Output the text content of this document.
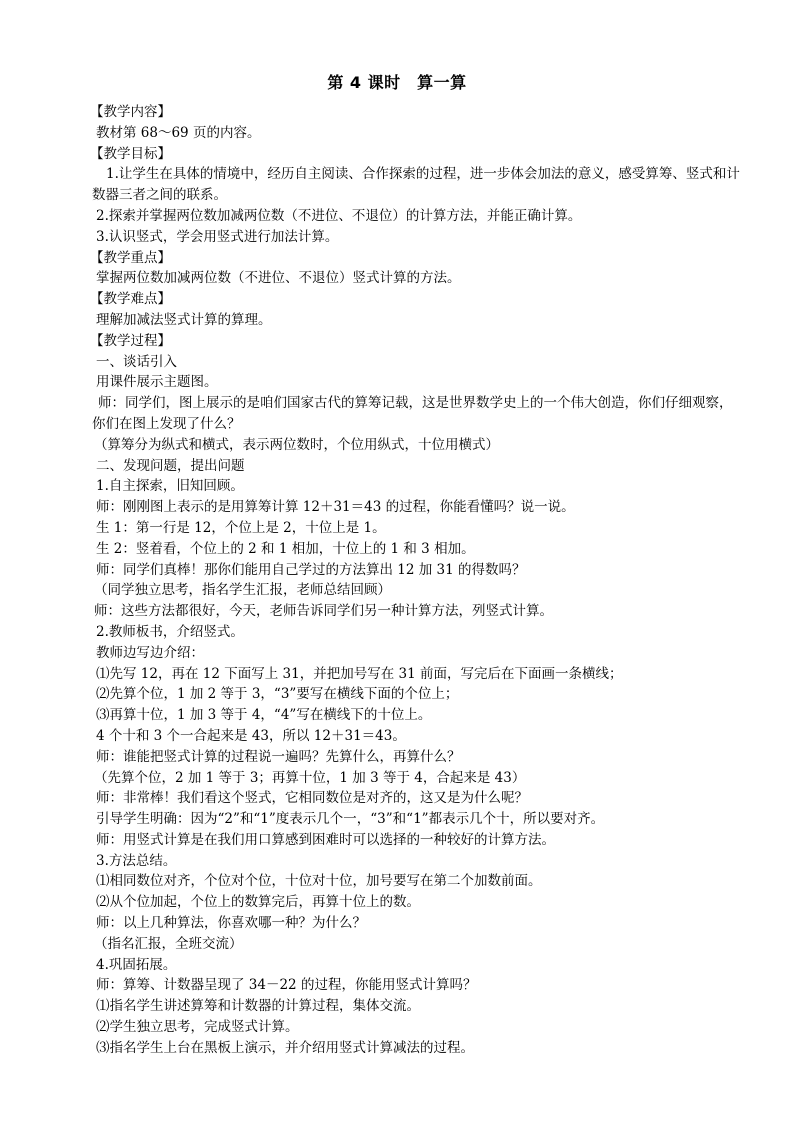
第 4 课时　算一算

【教学内容】

教材第 68～69 页的内容。

【教学目标】

1.让学生在具体的情境中，经历自主阅读、合作探索的过程，进一步体会加法的意义，感受算筹、竖式和计数器三者之间的联系。

2.探索并掌握两位数加减两位数（不进位、不退位）的计算方法，并能正确计算。

3.认识竖式，学会用竖式进行加法计算。

【教学重点】

掌握两位数加减两位数（不进位、不退位）竖式计算的方法。

【教学难点】

理解加减法竖式计算的算理。

【教学过程】

一、谈话引入

用课件展示主题图。

师：同学们，图上展示的是咱们国家古代的算筹记载，这是世界数学史上的一个伟大创造，你们仔细观察，你们在图上发现了什么？

（算筹分为纵式和横式，表示两位数时，个位用纵式，十位用横式）

二、发现问题，提出问题

1.自主探索，旧知回顾。

师：刚刚图上表示的是用算筹计算 12＋31＝43 的过程，你能看懂吗？说一说。

生 1：第一行是 12，个位上是 2，十位上是 1。

生 2：竖着看，个位上的 2 和 1 相加，十位上的 1 和 3 相加。

师：同学们真棒！那你们能用自己学过的方法算出 12 加 31 的得数吗？

（同学独立思考，指名学生汇报，老师总结回顾）

师：这些方法都很好，今天，老师告诉同学们另一种计算方法，列竖式计算。

2.教师板书，介绍竖式。

教师边写边介绍：

⑴先写 12，再在 12 下面写上 31，并把加号写在 31 前面，写完后在下面画一条横线；

⑵先算个位，1 加 2 等于 3，“3”要写在横线下面的个位上；

⑶再算十位，1 加 3 等于 4，“4”写在横线下的十位上。

4 个十和 3 个一合起来是 43，所以 12＋31＝43。

师：谁能把竖式计算的过程说一遍吗？先算什么，再算什么？

（先算个位，2 加 1 等于 3；再算十位，1 加 3 等于 4，合起来是 43）

师：非常棒！我们看这个竖式，它相同数位是对齐的，这又是为什么呢？

引导学生明确：因为“2”和“1”度表示几个一，“3”和“1”都表示几个十，所以要对齐。

师：用竖式计算是在我们用口算感到困难时可以选择的一种较好的计算方法。

3.方法总结。

⑴相同数位对齐，个位对个位，十位对十位，加号要写在第二个加数前面。

⑵从个位加起，个位上的数算完后，再算十位上的数。

师：以上几种算法，你喜欢哪一种？为什么？

（指名汇报，全班交流）

4.巩固拓展。

师：算筹、计数器呈现了 34－22 的过程，你能用竖式计算吗？

⑴指名学生讲述算筹和计数器的计算过程，集体交流。

⑵学生独立思考，完成竖式计算。

⑶指名学生上台在黑板上演示，并介绍用竖式计算减法的过程。
